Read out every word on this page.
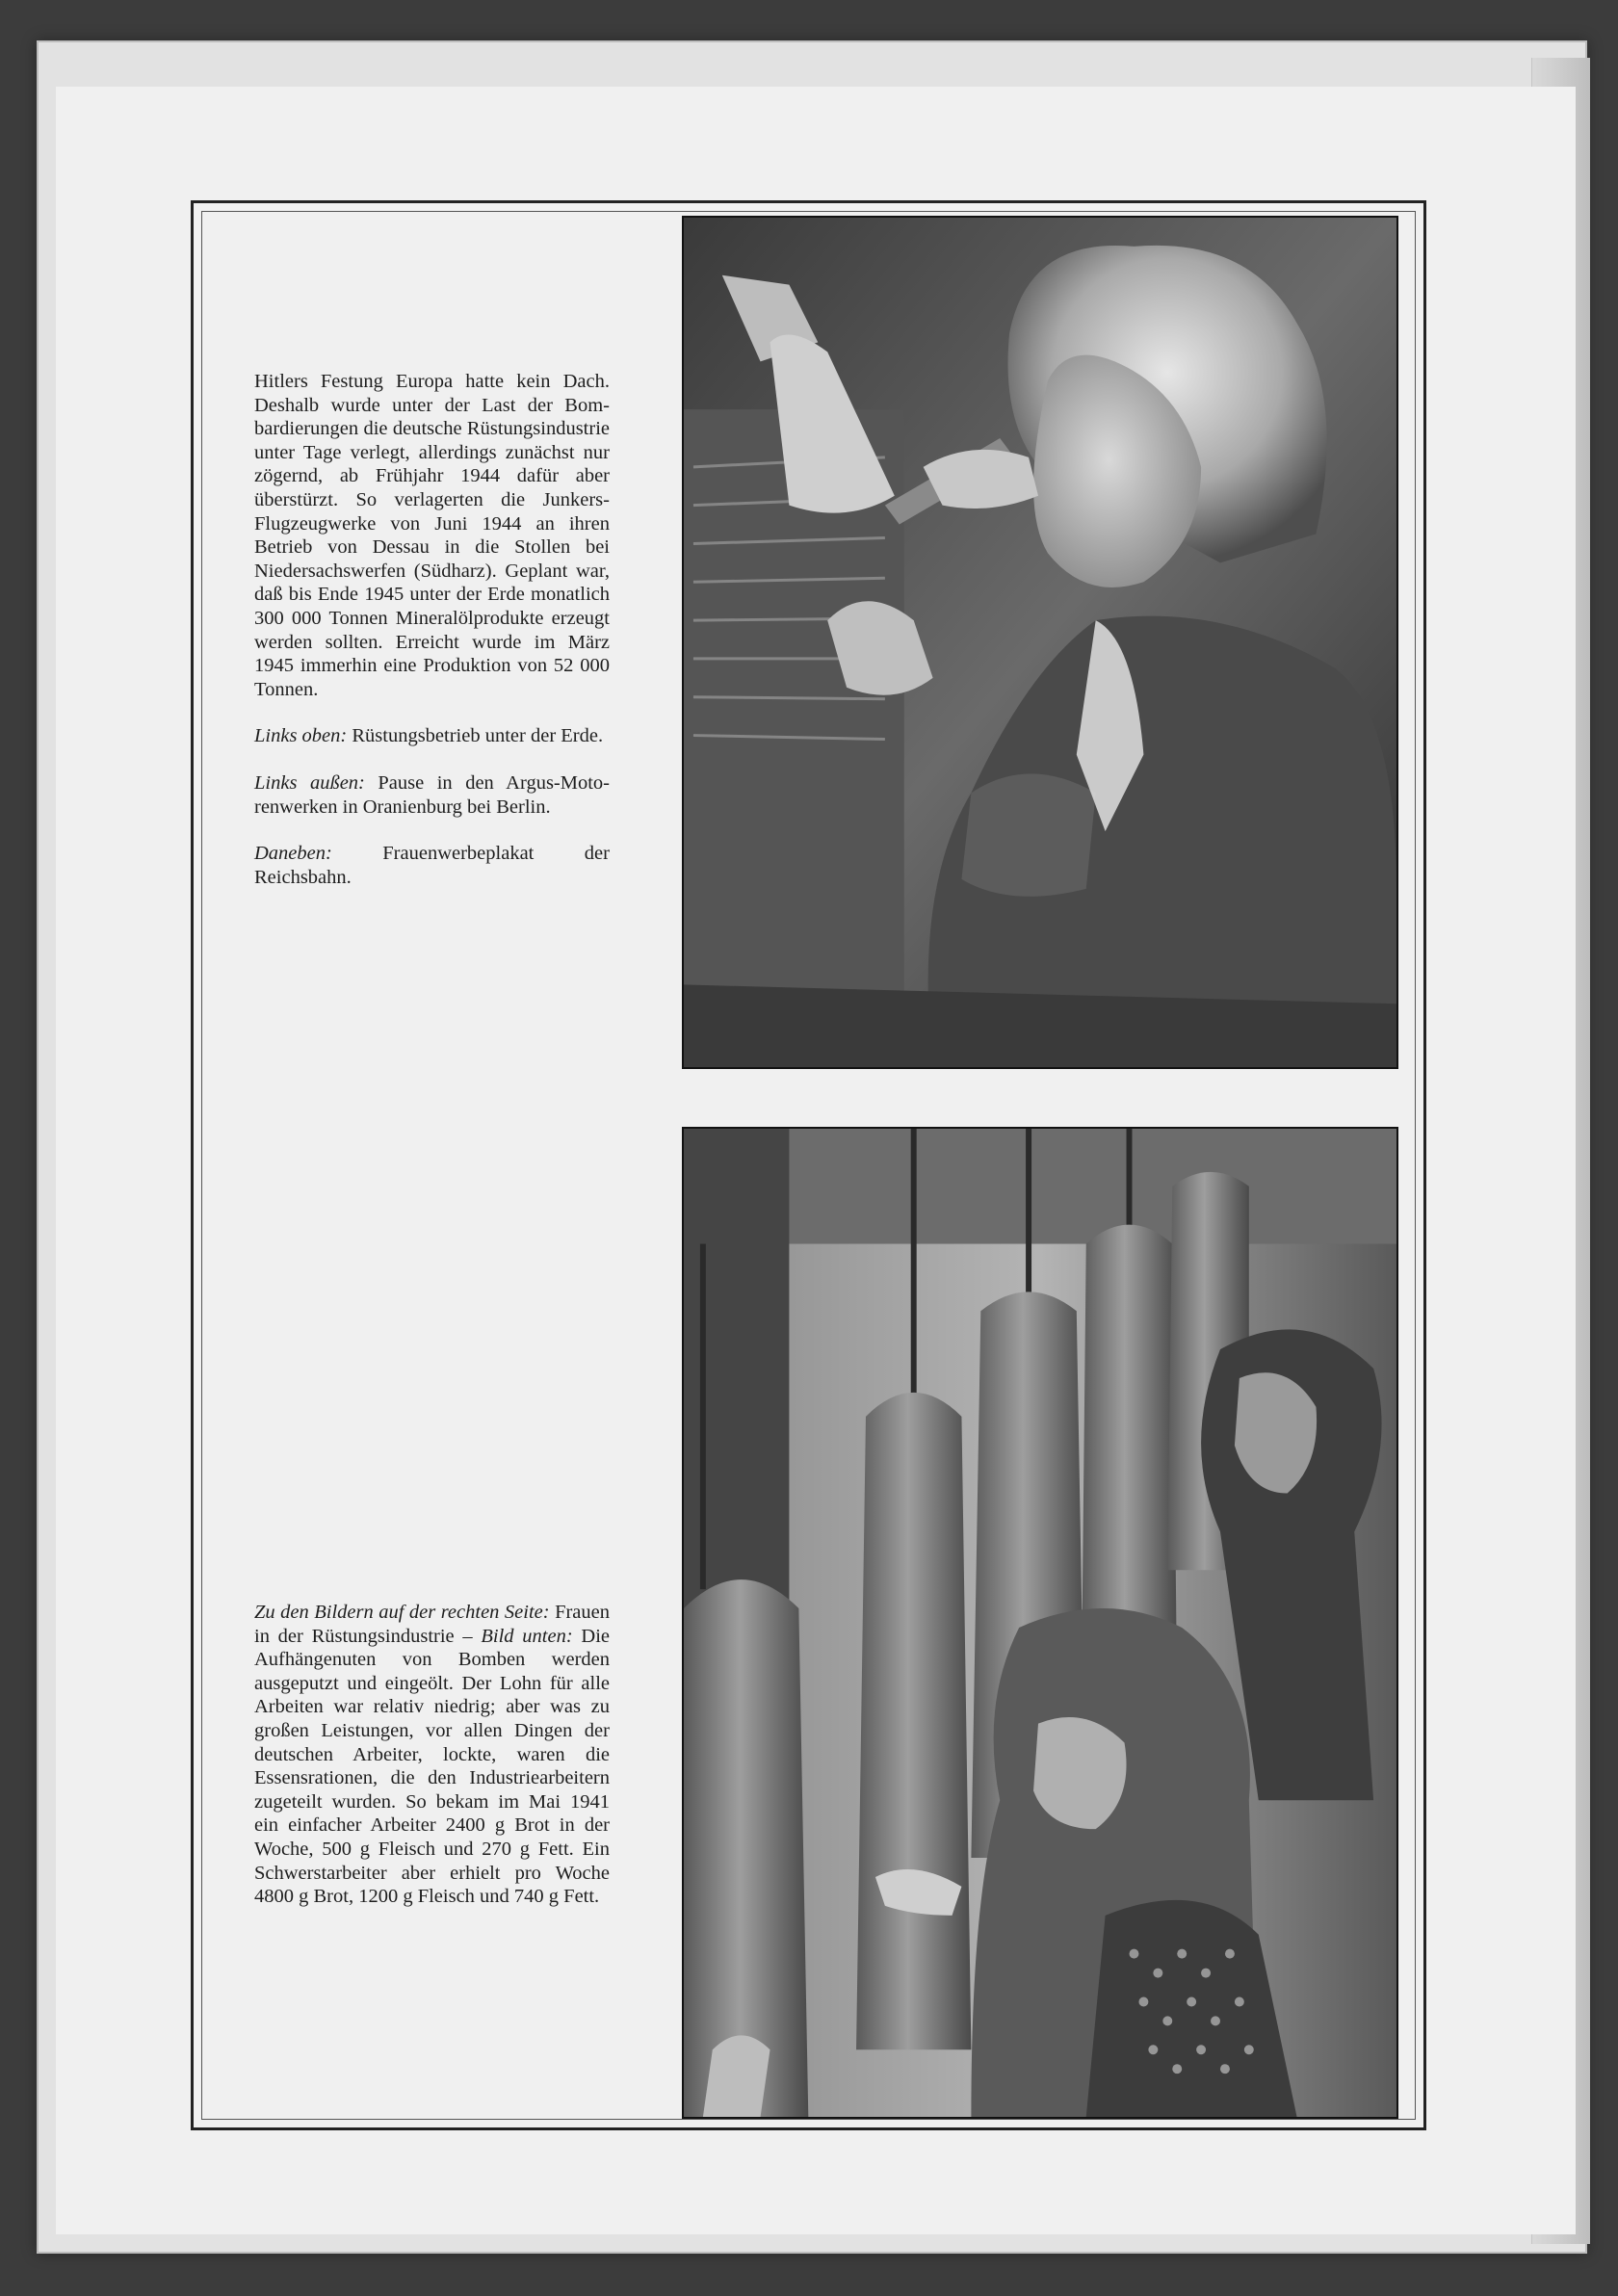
Hitlers Festung Europa hatte kein Dach. Deshalb wurde unter der Last der Bombardierungen die deutsche Rüstungsindustrie unter Tage verlegt, allerdings zunächst nur zögernd, ab Frühjahr 1944 dafür aber überstürzt. So verlagerten die Junkers-Flugzeugwerke von Juni 1944 an ihren Betrieb von Dessau in die Stollen bei Niedersachswerfen (Südharz). Geplant war, daß bis Ende 1945 unter der Erde monatlich 300 000 Tonnen Mineralölprodukte erzeugt werden sollten. Erreicht wurde im März 1945 immerhin eine Produktion von 52 000 Tonnen.

Links oben: Rüstungsbetrieb unter der Erde.

Links außen: Pause in den Argus-Motorenwerken in Oranienburg bei Berlin.

Daneben: Frauenwerbeplakat der Reichsbahn.

Zu den Bildern auf der rechten Seite: Frauen in der Rüstungsindustrie – Bild unten: Die Aufhängenuten von Bomben werden ausgeputzt und eingeölt. Der Lohn für alle Arbeiten war relativ niedrig; aber was zu großen Leistungen, vor allen Dingen der deutschen Arbeiter, lockte, waren die Essensrationen, die den Industriearbeitern zugeteilt wurden. So bekam im Mai 1941 ein einfacher Arbeiter 2400 g Brot in der Woche, 500 g Fleisch und 270 g Fett. Ein Schwerstarbeiter aber erhielt pro Woche 4800 g Brot, 1200 g Fleisch und 740 g Fett.
